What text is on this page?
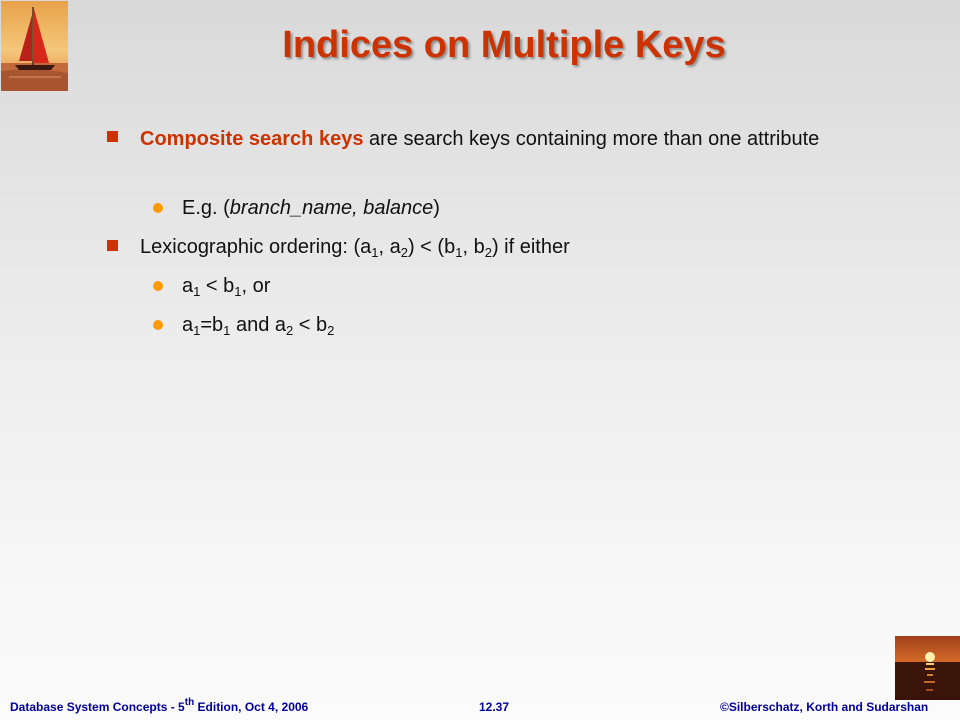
Indices on Multiple Keys
Composite search keys are search keys containing more than one attribute
E.g. (branch_name, balance)
Lexicographic ordering: ($a_1$, $a_2) < (b_1$, $b_2$) if either
$a_1 < b_1$, or
$a_1=b_1$ and $a_2 < b_2$
Database System Concepts - 5th Edition, Oct 4, 2006	12.37	©Silberschatz, Korth and Sudarshan
